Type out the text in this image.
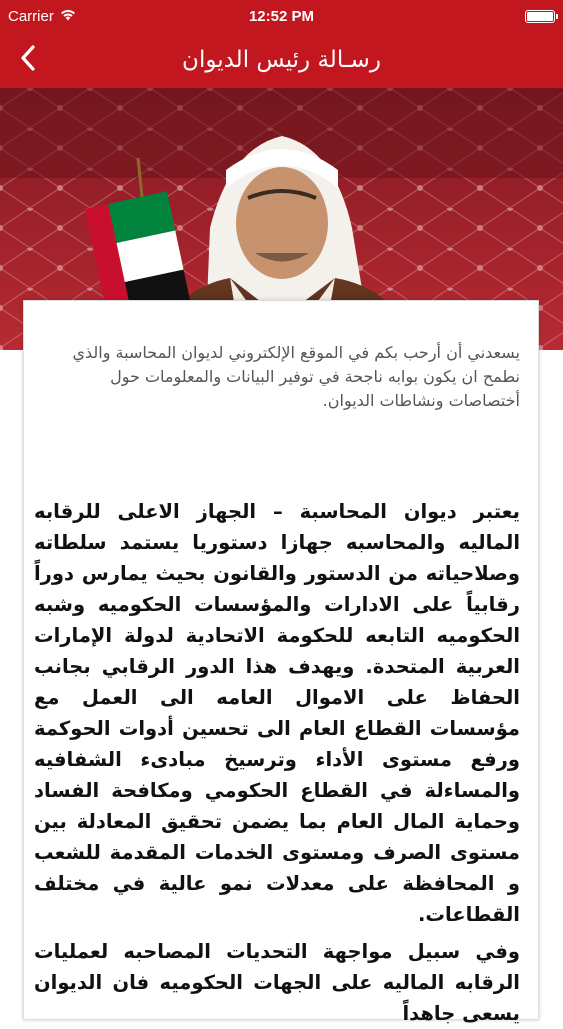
Carrier	12:52 PM
رسـالة رئيس الديوان
يسعدني أن أرحب بكم في الموقع الإلكتروني لديوان المحاسبة والذي نطمح ان يكون بوابه ناجحة في توفير البيانات والمعلومات حول أختصاصات ونشاطات الديوان.
يعتبر ديوان المحاسبة – الجهاز الاعلى للرقابه الماليه والمحاسبه جهازا دستوريا يستمد سلطاته وصلاحياته من الدستور والقانون بحيث يمارس دوراً رقابياً على الادارات والمؤسسات الحكوميه وشبه الحكوميه التابعه للحكومة الاتحادية لدولة الإمارات العربية المتحدة. ويهدف هذا الدور الرقابي بجانب الحفاظ على الاموال العامه الى العمل مع مؤسسات القطاع العام الى تحسين أدوات الحوكمة ورفع مستوى الأداء وترسيخ مبادىء الشفافيه والمساءلة في القطاع الحكومي ومكافحة الفساد وحماية المال العام بما يضمن تحقيق المعادلة بين مستوى الصرف ومستوى الخدمات المقدمة للشعب و المحافظة على معدلات نمو عالية في مختلف القطاعات.
وفي سبيل مواجهة التحديات المصاحبه لعمليات الرقابه الماليه على الجهات الحكوميه فان الديوان يسعى جاهداً
